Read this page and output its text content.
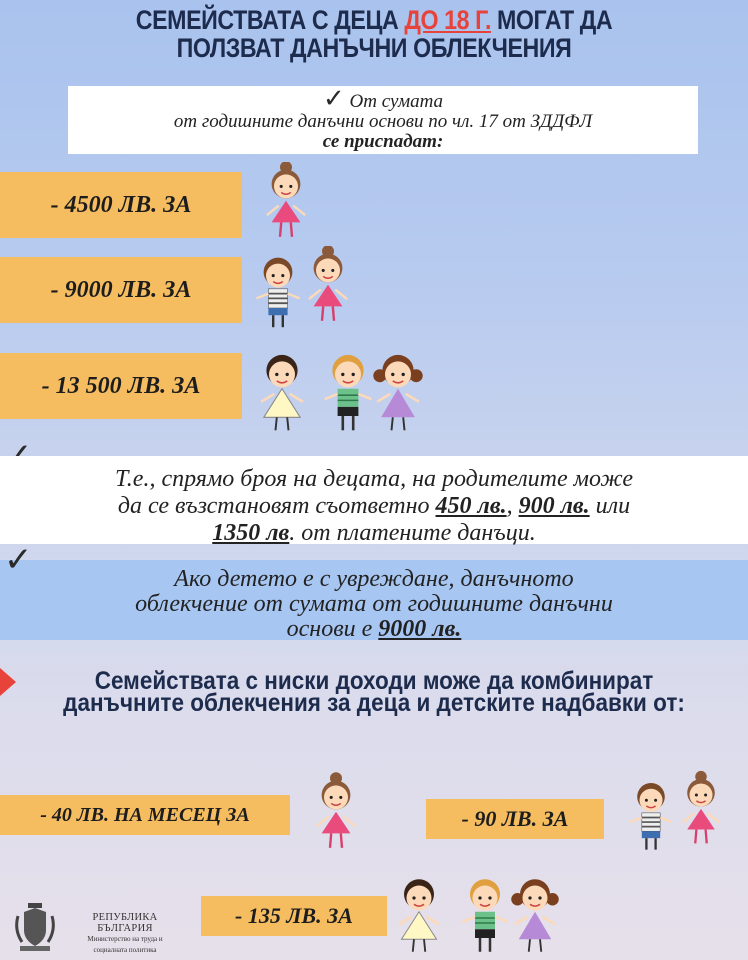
СЕМЕЙСТВАТА С ДЕЦА ДО 18 Г. МОГАТ ДА
ПОЛЗВАТ ДАНЪЧНИ ОБЛЕКЧЕНИЯ
✓ От сумата
от годишните данъчни основи по чл. 17 от ЗДДФЛ
се приспадат:
- 4500 ЛВ. ЗА
- 9000 ЛВ. ЗА
- 13 500 ЛВ. ЗА
Т.е., спрямо броя на децата, на родителите може
да се възстановят съответно 450 лв., 900 лв. или
1350 лв. от платените данъци.
Ако детето е с увреждане, данъчното
облекчение от сумата от годишните данъчни
основи е 9000 лв.
✓
Семействата с ниски доходи може да комбинират
данъчните облекчения за деца и детските надбавки от:
- 40 ЛВ. НА МЕСЕЦ ЗА	- 90 ЛВ. ЗА
- 135 ЛВ. ЗА
РЕПУБЛИКА БЪЛГАРИЯ
Министерство на труда и
социалната политика
